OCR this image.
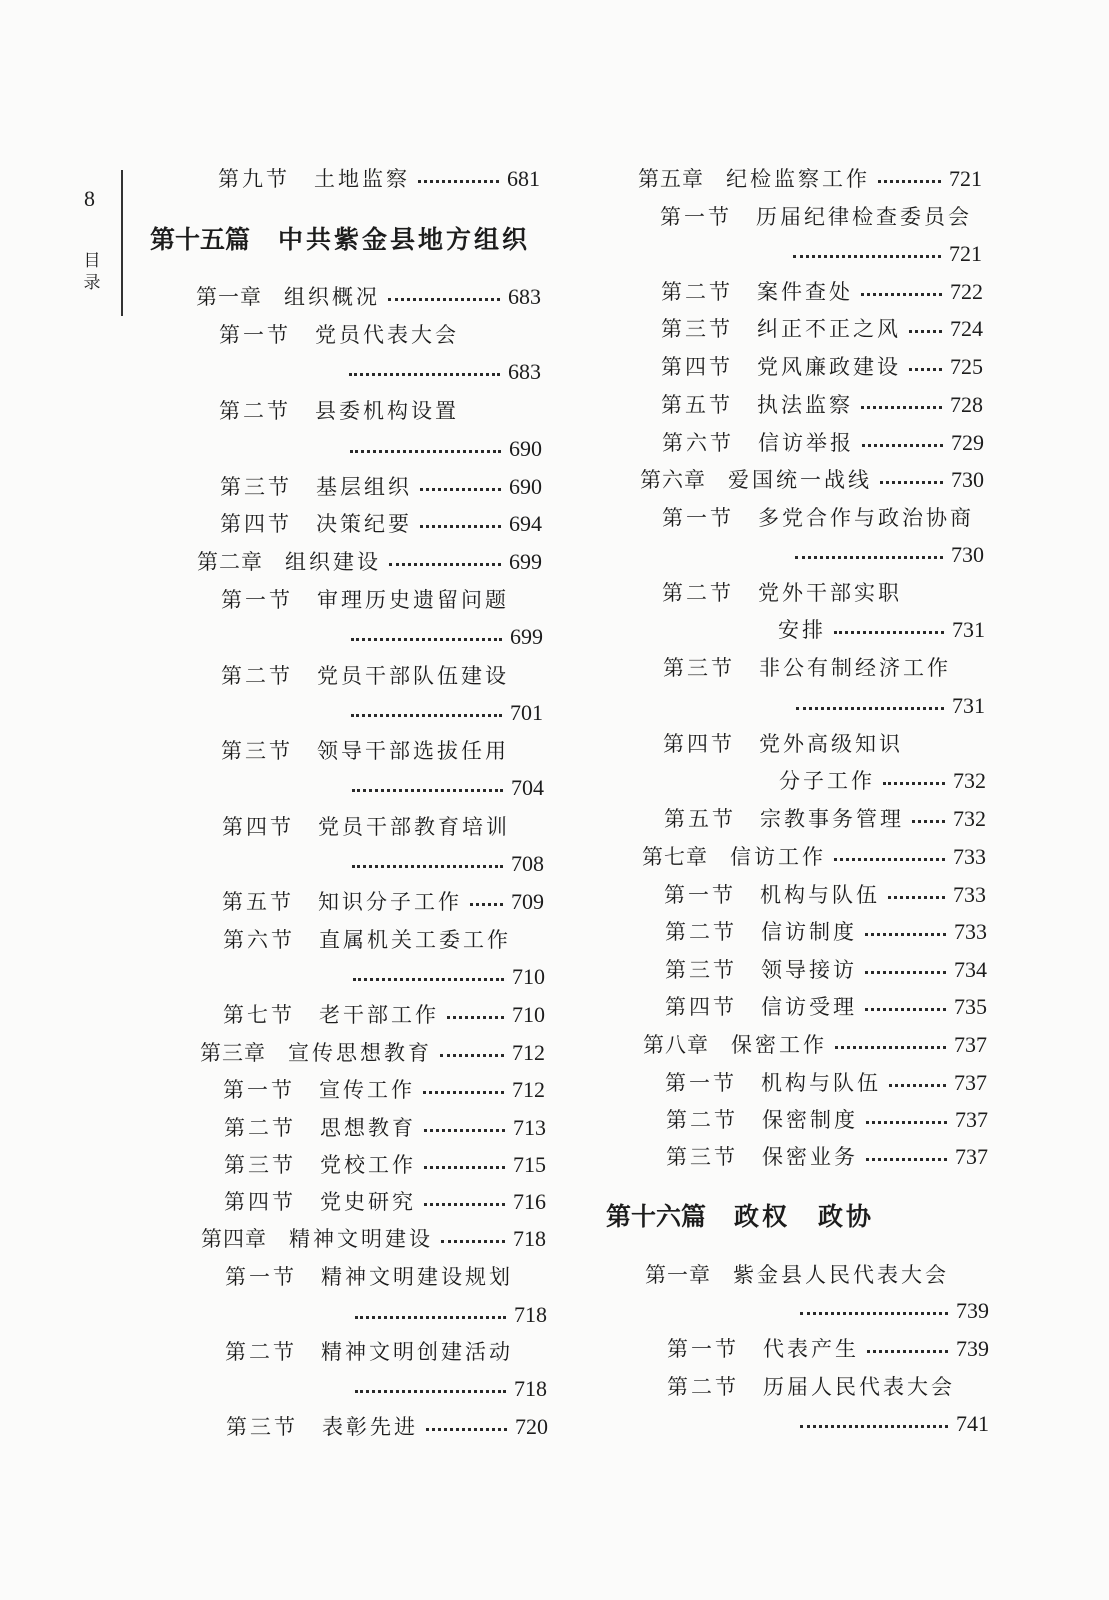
8
目录
第九节 土地监察	681
第十五篇 中共紫金县地方组织
第一章 组织概况	683
第一节 党员代表大会
683
第二节 县委机构设置
690
第三节 基层组织	690
第四节 决策纪要	694
第二章 组织建设	699
第一节 审理历史遗留问题
699
第二节 党员干部队伍建设
701
第三节 领导干部选拔任用
704
第四节 党员干部教育培训
708
第五节 知识分子工作 709
第六节 直属机关工委工作
710
第七节 老干部工作	710
第三章 宣传思想教育	712
第一节 宣传工作	712
第二节 思想教育	713
第三节 党校工作	715
第四节 党史研究	716
第四章 精神文明建设	718
第一节 精神文明建设规划
718
第二节 精神文明创建活动
718
第三节 表彰先进	720
第五章 纪检监察工作	721
第一节 历届纪律检查委员会
721
第二节 案件查处	722
第三节 纠正不正之风 724
第四节 党风廉政建设 725
第五节 执法监察	728
第六节 信访举报	729
第六章 爱国统一战线	730
第一节 多党合作与政治协商
730
第二节 党外干部实职
安排	731
第三节 非公有制经济工作
731
第四节 党外高级知识
分子工作	732
第五节 宗教事务管理 732
第七章 信访工作	733
第一节 机构与队伍	733
第二节 信访制度	733
第三节 领导接访	734
第四节 信访受理	735
第八章 保密工作	737
第一节 机构与队伍	737
第二节 保密制度	737
第三节 保密业务	737
第十六篇 政权　政协
第一章 紫金县人民代表大会
739
第一节 代表产生	739
第二节 历届人民代表大会
741
